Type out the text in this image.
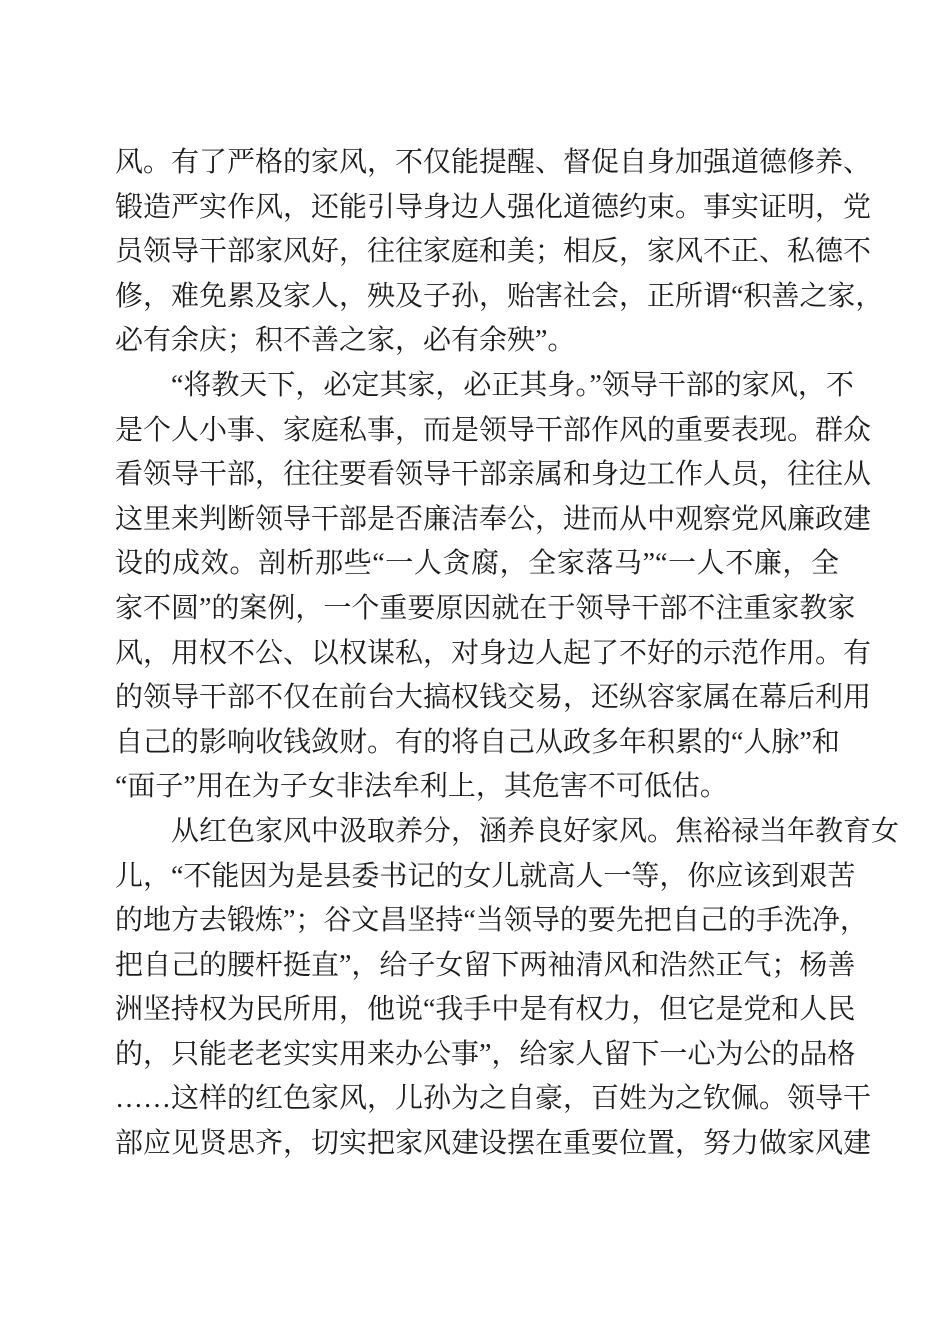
风。有了严格的家风，不仅能提醒、督促自身加强道德修养、
锻造严实作风，还能引导身边人强化道德约束。事实证明，党
员领导干部家风好，往往家庭和美；相反，家风不正、私德不
修，难免累及家人，殃及子孙，贻害社会，正所谓“积善之家，
必有余庆；积不善之家，必有余殃”。
“将教天下，必定其家，必正其身。”领导干部的家风，不
是个人小事、家庭私事，而是领导干部作风的重要表现。群众
看领导干部，往往要看领导干部亲属和身边工作人员，往往从
这里来判断领导干部是否廉洁奉公，进而从中观察党风廉政建
设的成效。剖析那些“一人贪腐，全家落马”“一人不廉，全
家不圆”的案例，一个重要原因就在于领导干部不注重家教家
风，用权不公、以权谋私，对身边人起了不好的示范作用。有
的领导干部不仅在前台大搞权钱交易，还纵容家属在幕后利用
自己的影响收钱敛财。有的将自己从政多年积累的“人脉”和
“面子”用在为子女非法牟利上，其危害不可低估。
从红色家风中汲取养分，涵养良好家风。焦裕禄当年教育女
儿，“不能因为是县委书记的女儿就高人一等，你应该到艰苦
的地方去锻炼”；谷文昌坚持“当领导的要先把自己的手洗净，
把自己的腰杆挺直”，给子女留下两袖清风和浩然正气；杨善
洲坚持权为民所用，他说“我手中是有权力，但它是党和人民
的，只能老老实实用来办公事”，给家人留下一心为公的品格
……这样的红色家风，儿孙为之自豪，百姓为之钦佩。领导干
部应见贤思齐，切实把家风建设摆在重要位置，努力做家风建
